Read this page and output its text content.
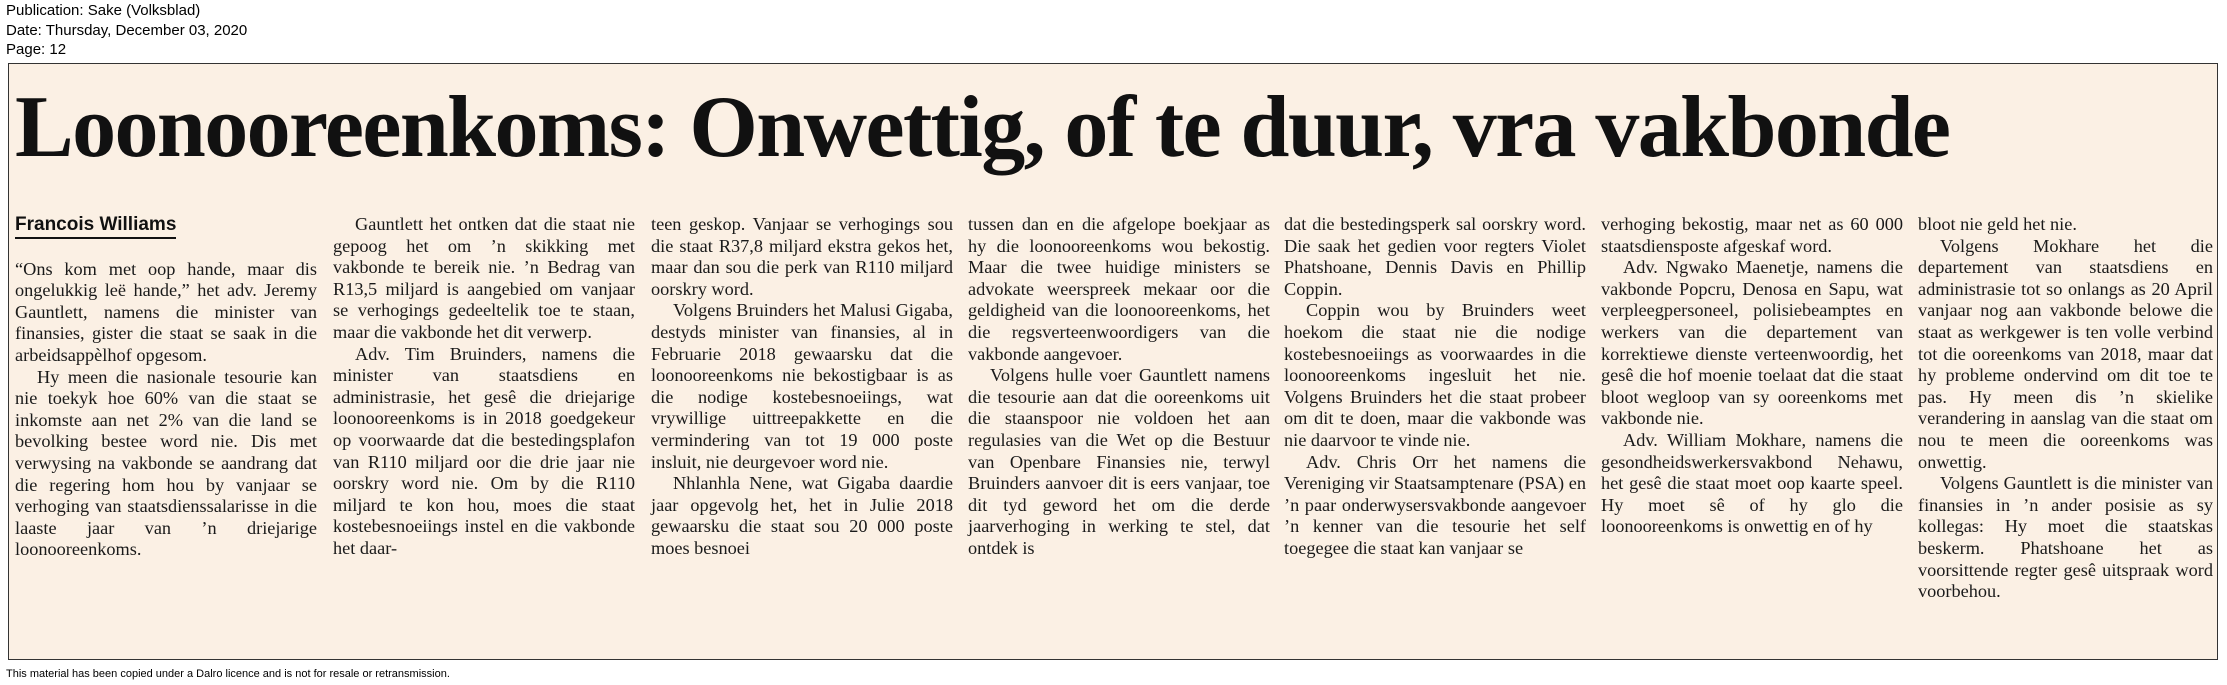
Publication: Sake (Volksblad)
Date: Thursday, December 03, 2020
Page: 12
Loonooreenkoms: Onwettig, of te duur, vra vakbonde
Francois Williams

“Ons kom met oop hande, maar dis ongelukkig leë hande,” het adv. Jeremy Gauntlett, namens die minister van finansies, gister die staat se saak in die arbeidsappèlhof opgesom.

Hy meen die nasionale tesourie kan nie toekyk hoe 60% van die staat se inkomste aan net 2% van die land se bevolking bestee word nie. Dis met verwysing na vakbonde se aandrang dat die regering hom hou by vanjaar se verhoging van staatsdienssalarisse in die laaste jaar van ’n driejarige loonooreenkoms.

Gauntlett het ontken dat die staat nie gepoog het om ’n skikking met vakbonde te bereik nie. ’n Bedrag van R13,5 miljard is aangebied om vanjaar se verhogings gedeeltelik toe te staan, maar die vakbonde het dit verwerp.

Adv. Tim Bruinders, namens die minister van staatsdiens en administrasie, het gesê die driejarige loonooreenkoms is in 2018 goedgekeur op voorwaarde dat die bestedingsplafon van R110 miljard oor die drie jaar nie oorskry word nie. Om by die R110 miljard te kon hou, moes die staat kostebesnoeiings instel en die vakbonde het daar-

teen geskop. Vanjaar se verhogings sou die staat R37,8 miljard ekstra gekos het, maar dan sou die perk van R110 miljard oorskry word.

Volgens Bruinders het Malusi Gigaba, destyds minister van finansies, al in Februarie 2018 gewaarsku dat die loonooreenkoms nie bekostigbaar is as die nodige kostebesnoeiings, wat vrywillige uittreepakkette en die vermindering van tot 19 000 poste insluit, nie deurgevoer word nie.

Nhlanhla Nene, wat Gigaba daardie jaar opgevolg het, het in Julie 2018 gewaarsku die staat sou 20 000 poste moes besnoei

tussen dan en die afgelope boekjaar as hy die loonooreenkoms wou bekostig. Maar die twee huidige ministers se advokate weerspreek mekaar oor die geldigheid van die loonooreenkoms, het die regsverteenwoordigers van die vakbonde aangevoer.

Volgens hulle voer Gauntlett namens die tesourie aan dat die ooreenkoms uit die staanspoor nie voldoen het aan regulasies van die Wet op die Bestuur van Openbare Finansies nie, terwyl Bruinders aanvoer dit is eers vanjaar, toe dit tyd geword het om die derde jaarverhoging in werking te stel, dat ontdek is

dat die bestedingsperk sal oorskry word. Die saak het gedien voor regters Violet Phatshoane, Dennis Davis en Phillip Coppin.

Coppin wou by Bruinders weet hoekom die staat nie die nodige kostebesnoeiings as voorwaardes in die loonooreenkoms ingesluit het nie. Volgens Bruinders het die staat probeer om dit te doen, maar die vakbonde was nie daarvoor te vinde nie.

Adv. Chris Orr het namens die Vereniging vir Staatsamptenare (PSA) en ’n paar onderwysersvakbonde aangevoer ’n kenner van die tesourie het self toegegee die staat kan vanjaar se

verhoging bekostig, maar net as 60 000 staatsdiensposte afgeskaf word.

Adv. Ngwako Maenetje, namens die vakbonde Popcru, Denosa en Sapu, wat verpleegpersoneel, polisiebeamptes en werkers van die departement van korrektiewe dienste verteenwoordig, het gesê die hof moenie toelaat dat die staat bloot wegloop van sy ooreenkoms met vakbonde nie.

Adv. William Mokhare, namens die gesondheidswerkersvakbond Nehawu, het gesê die staat moet oop kaarte speel. Hy moet sê of hy glo die loonooreenkoms is onwettig en of hy

bloot nie geld het nie.

Volgens Mokhare het die departement van staatsdiens en administrasie tot so onlangs as 20 April vanjaar nog aan vakbonde belowe die staat as werkgewer is ten volle verbind tot die ooreenkoms van 2018, maar dat hy probleme ondervind om dit toe te pas. Hy meen dis ’n skielike verandering in aanslag van die staat om nou te meen die ooreenkoms was onwettig.

Volgens Gauntlett is die minister van finansies in ’n ander posisie as sy kollegas: Hy moet die staatskas beskerm. Phatshoane het as voorsittende regter gesê uitspraak word voorbehou.

This material has been copied under a Dalro licence and is not for resale or retransmission.
